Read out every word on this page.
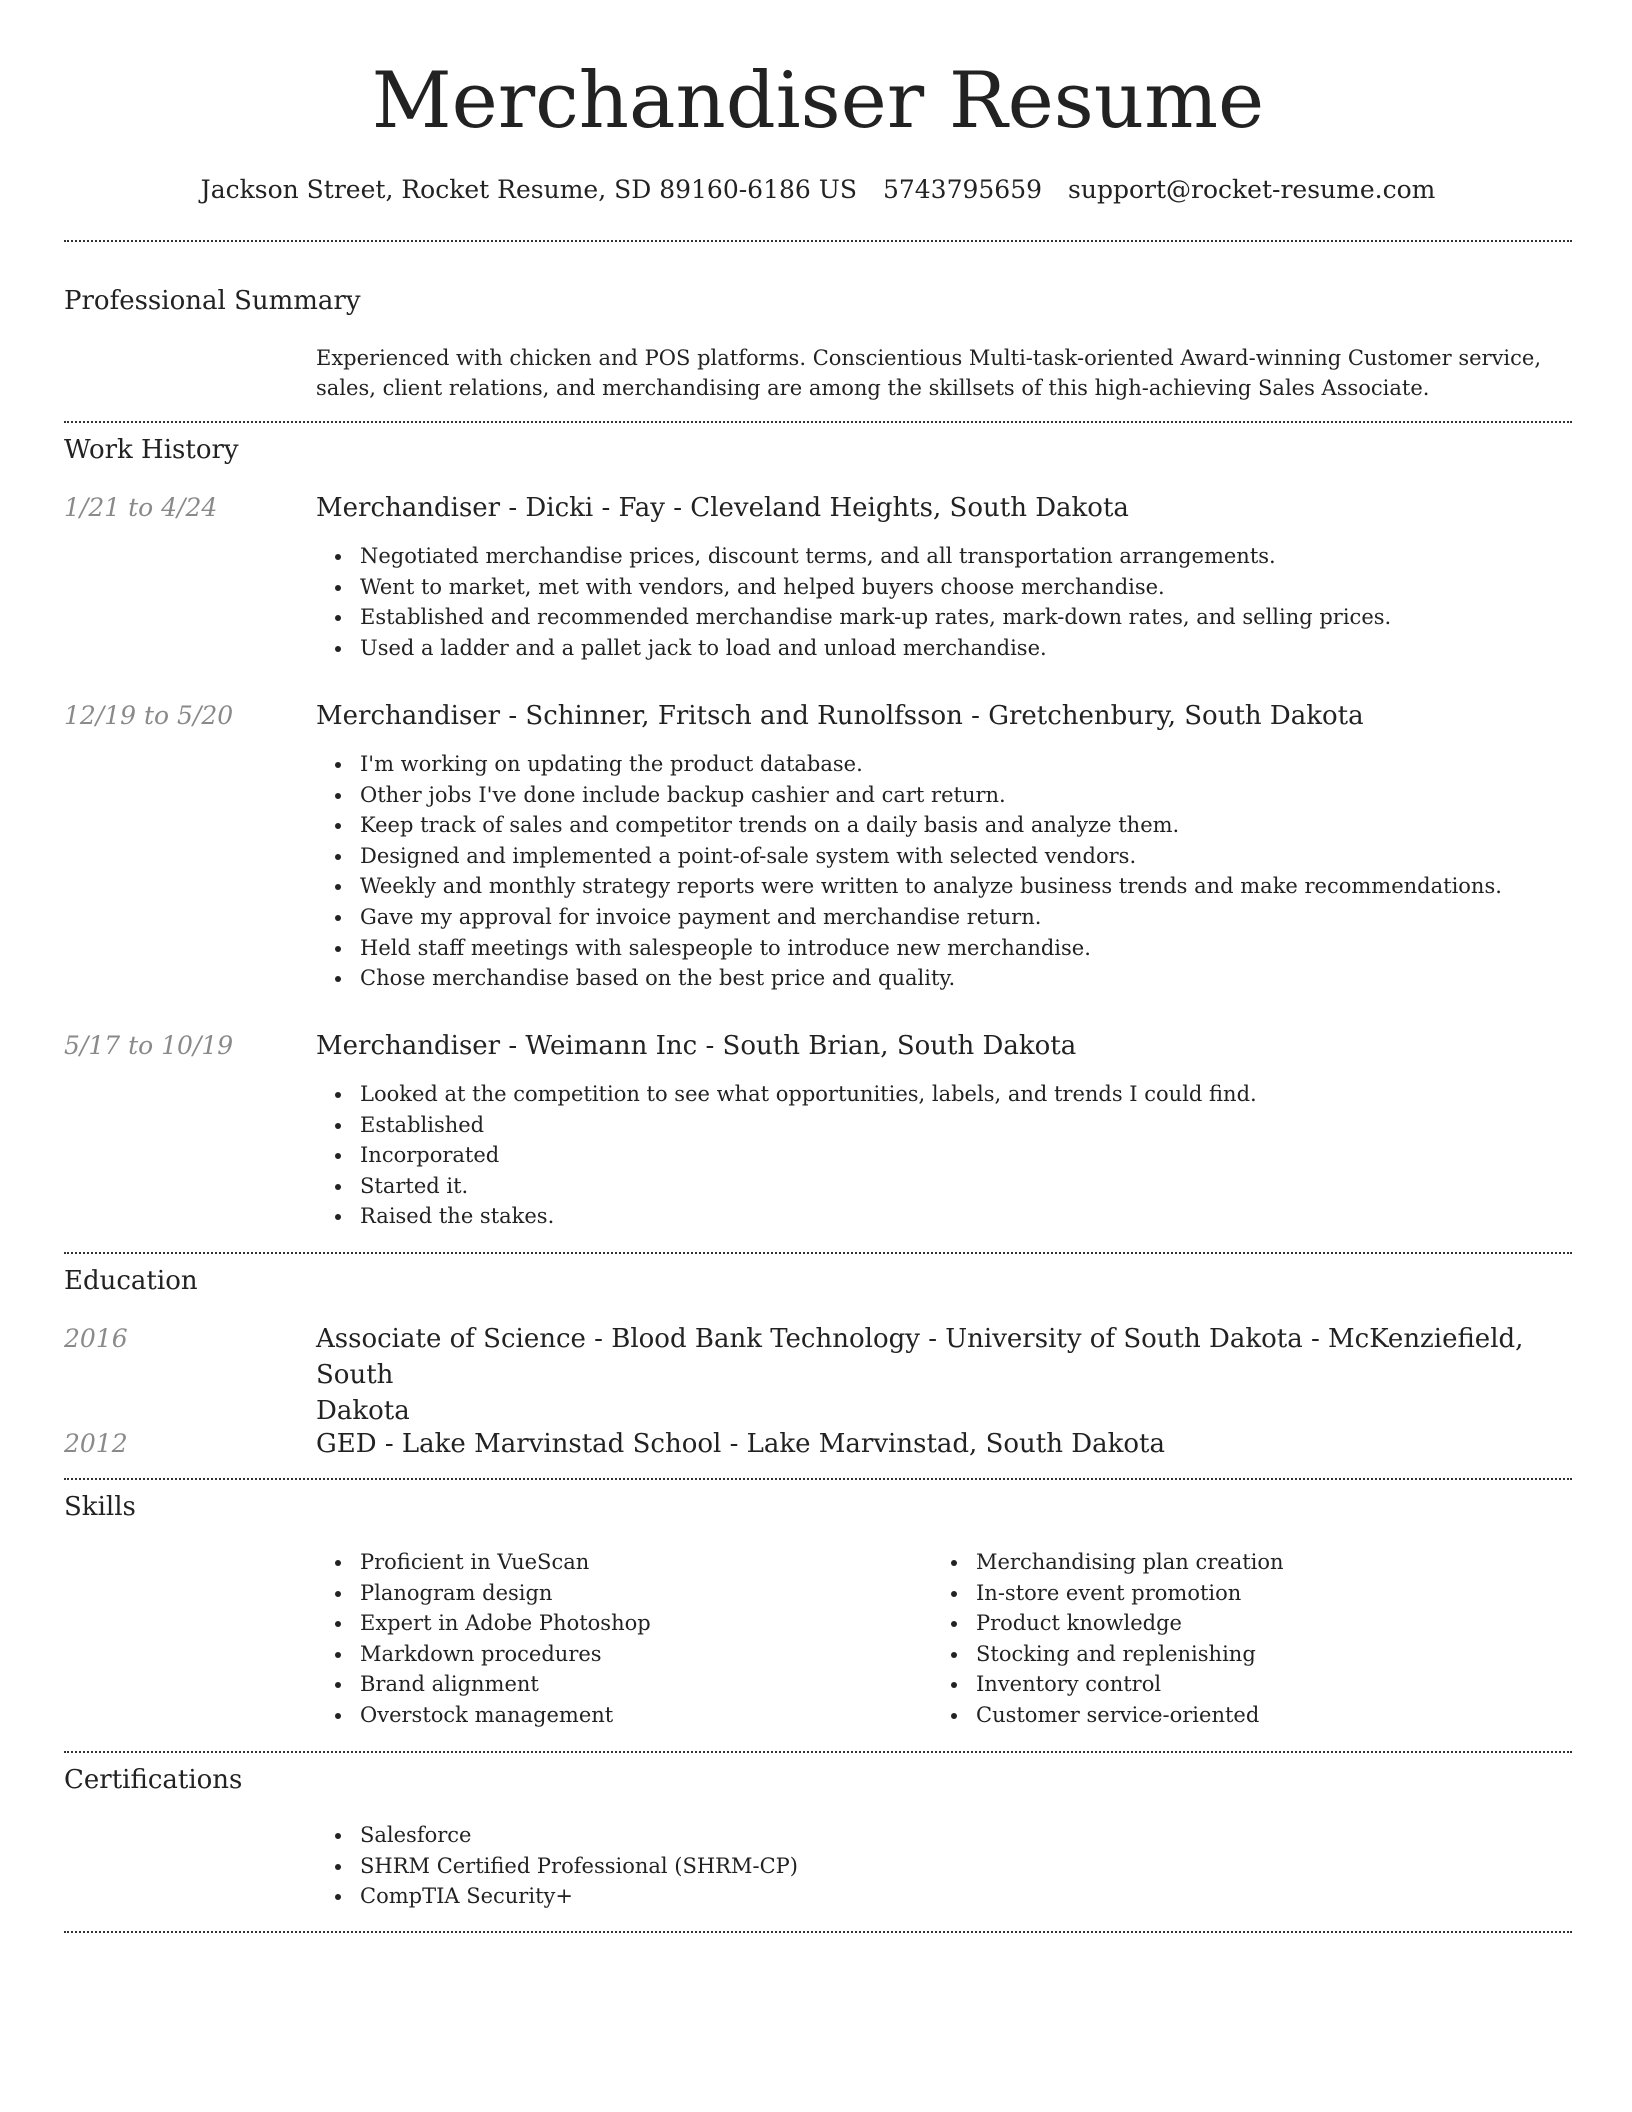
Merchandiser Resume
Jackson Street, Rocket Resume, SD 89160-6186 US 5743795659 support@rocket-resume.com
Professional Summary
Experienced with chicken and POS platforms. Conscientious Multi-task-oriented Award-winning Customer service, sales, client relations, and merchandising are among the skillsets of this high-achieving Sales Associate.
Work History
1/21 to 4/24	Merchandiser - Dicki - Fay - Cleveland Heights, South Dakota
Negotiated merchandise prices, discount terms, and all transportation arrangements.
Went to market, met with vendors, and helped buyers choose merchandise.
Established and recommended merchandise mark-up rates, mark-down rates, and selling prices.
Used a ladder and a pallet jack to load and unload merchandise.
12/19 to 5/20	Merchandiser - Schinner, Fritsch and Runolfsson - Gretchenbury, South Dakota
I'm working on updating the product database.
Other jobs I've done include backup cashier and cart return.
Keep track of sales and competitor trends on a daily basis and analyze them.
Designed and implemented a point-of-sale system with selected vendors.
Weekly and monthly strategy reports were written to analyze business trends and make recommendations.
Gave my approval for invoice payment and merchandise return.
Held staff meetings with salespeople to introduce new merchandise.
Chose merchandise based on the best price and quality.
5/17 to 10/19	Merchandiser - Weimann Inc - South Brian, South Dakota
Looked at the competition to see what opportunities, labels, and trends I could find.
Established
Incorporated
Started it.
Raised the stakes.
Education
2016	Associate of Science - Blood Bank Technology - University of South Dakota - McKenziefield, South
Dakota
2012	GED - Lake Marvinstad School - Lake Marvinstad, South Dakota
Skills
Proficient in VueScan
Planogram design
Expert in Adobe Photoshop
Markdown procedures
Brand alignment
Overstock management
Merchandising plan creation
In-store event promotion
Product knowledge
Stocking and replenishing
Inventory control
Customer service-oriented
Certifications
Salesforce
SHRM Certified Professional (SHRM-CP)
CompTIA Security+
